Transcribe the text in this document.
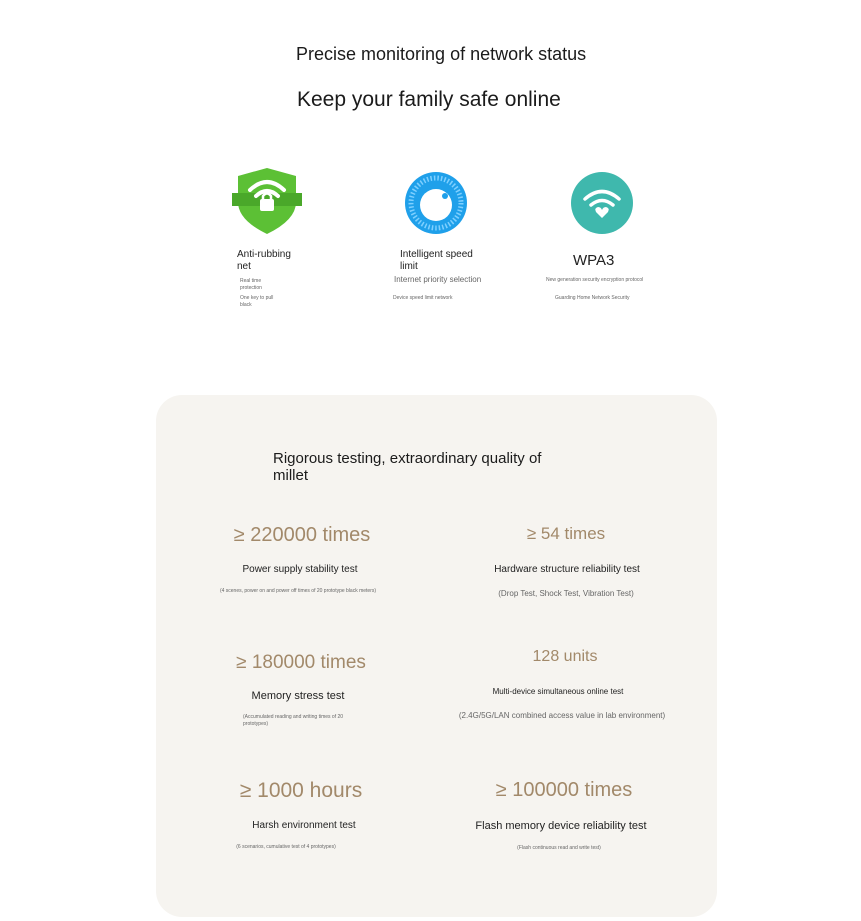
Precise monitoring of network status
Keep your family safe online
Anti-rubbing net
Real time protection
One key to pull black
Intelligent speed limit
Internet priority selection
Device speed limit network
WPA3
New generation security encryption protocol
Guarding Home Network Security
Rigorous testing, extraordinary quality of millet
≥ 220000 times
Power supply stability test
(4 scenes, power on and power off times of 20 prototype black meters)
≥ 54 times
Hardware structure reliability test
(Drop Test, Shock Test, Vibration Test)
≥ 180000 times
Memory stress test
(Accumulated reading and writing times of 20 prototypes)
128 units
Multi-device simultaneous online test
(2.4G/5G/LAN combined access value in lab environment)
≥ 1000 hours
Harsh environment test
(6 scenarios, cumulative test of 4 prototypes)
≥ 100000 times
Flash memory device reliability test
(Flash continuous read and write test)
